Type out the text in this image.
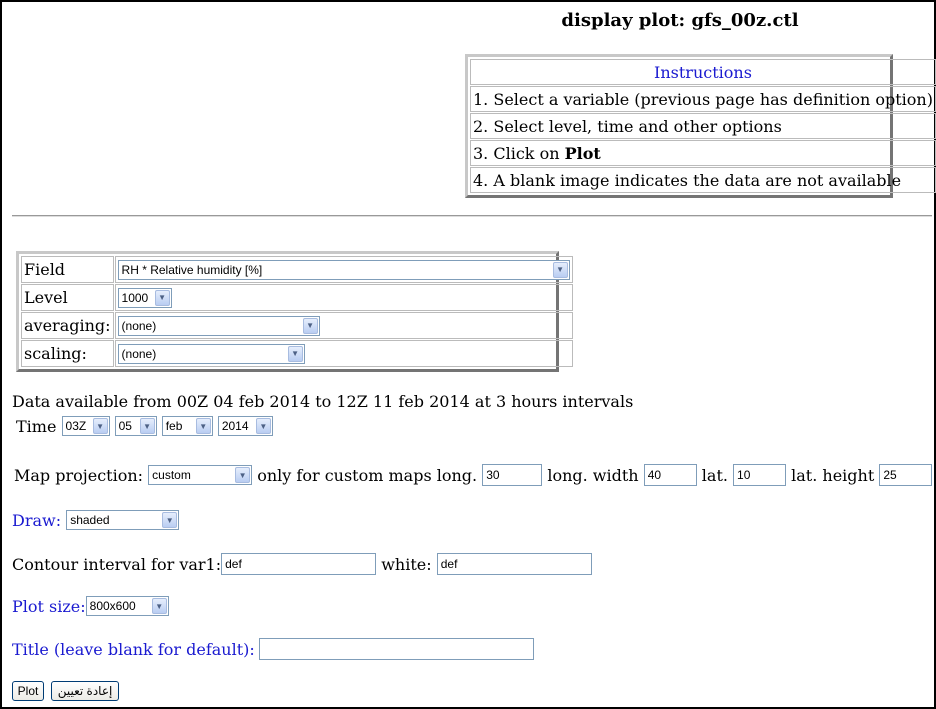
display plot: gfs_00z.ctl
Instructions
1. Select a variable (previous page has definition option)
2. Select level, time and other options
3. Click on Plot
4. A blank image indicates the data are not available
Field	RH * Relative humidity [%] ▼

Level	1000 ▼

averaging:	(none) ▼

scaling:	(none) ▼
Data available from 00Z 04 feb 2014 to 12Z 11 feb 2014 at 3 hours intervals
Time
03Z	▼
05	▼
feb	▼
2014	▼
Map projection:
custom	▼
only for custom maps long.
30
	long. width
40
	lat.
10
	lat. height
25
Draw:
shaded	▼
Contour interval for var1: def
	white:
def
Plot size: 800x600	▼
Title (leave blank for default):
Plot	إعادة تعيين
